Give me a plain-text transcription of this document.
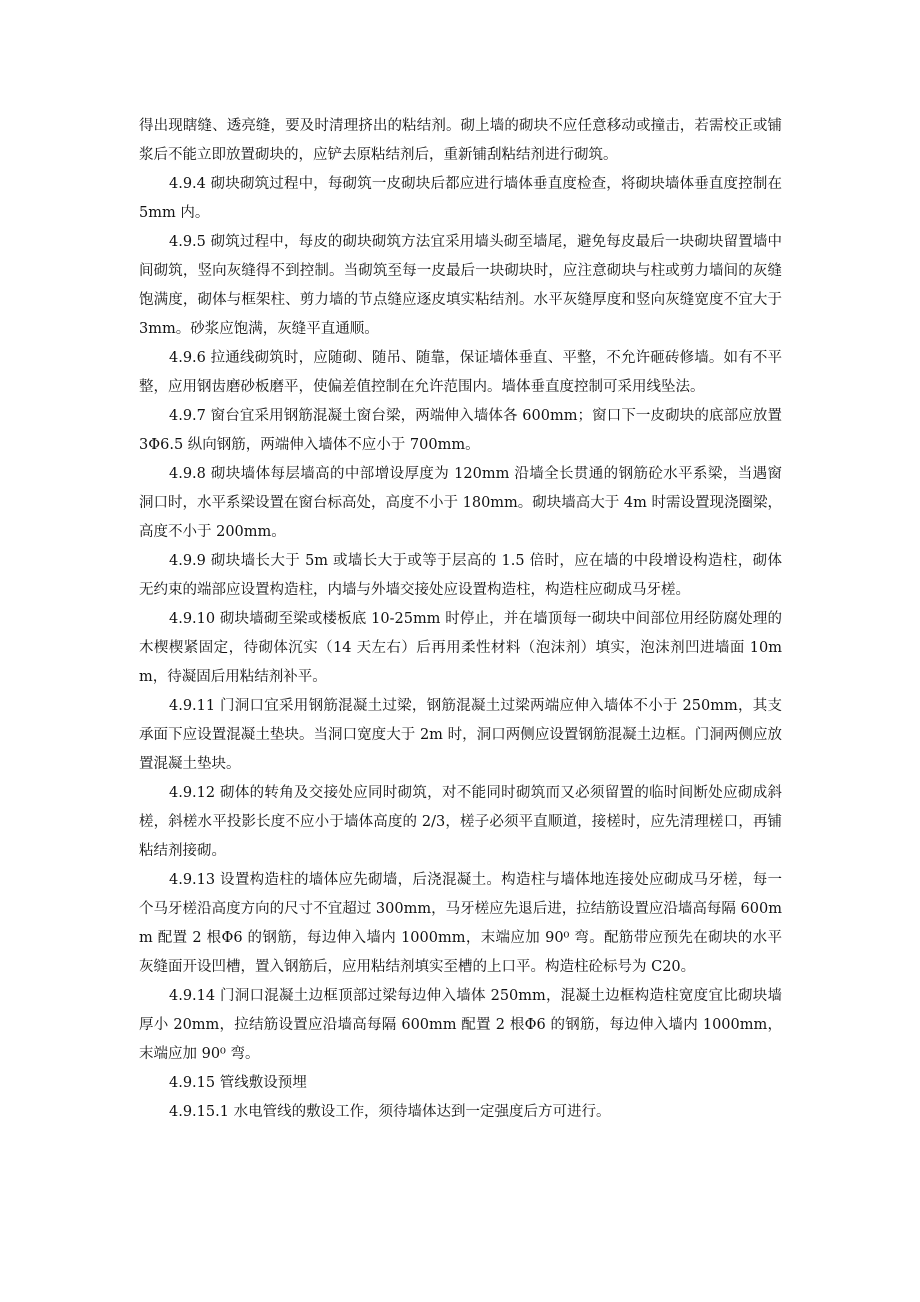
得出现瞎缝、透亮缝，要及时清理挤出的粘结剂。砌上墙的砌块不应任意移动或撞击，若需校正或铺浆后不能立即放置砌块的，应铲去原粘结剂后，重新铺刮粘结剂进行砌筑。

4.9.4 砌块砌筑过程中，每砌筑一皮砌块后都应进行墙体垂直度检查，将砌块墙体垂直度控制在 5mm 内。

4.9.5 砌筑过程中，每皮的砌块砌筑方法宜采用墙头砌至墙尾，避免每皮最后一块砌块留置墙中间砌筑，竖向灰缝得不到控制。当砌筑至每一皮最后一块砌块时，应注意砌块与柱或剪力墙间的灰缝饱满度，砌体与框架柱、剪力墙的节点缝应逐皮填实粘结剂。水平灰缝厚度和竖向灰缝宽度不宜大于 3mm。砂浆应饱满，灰缝平直通顺。

4.9.6 拉通线砌筑时，应随砌、随吊、随靠，保证墙体垂直、平整，不允许砸砖修墙。如有不平整，应用钢齿磨砂板磨平，使偏差值控制在允许范围内。墙体垂直度控制可采用线坠法。

4.9.7 窗台宜采用钢筋混凝土窗台梁，两端伸入墙体各 600mm；窗口下一皮砌块的底部应放置 3Φ6.5 纵向钢筋，两端伸入墙体不应小于 700mm。

4.9.8 砌块墙体每层墙高的中部增设厚度为 120mm 沿墙全长贯通的钢筋砼水平系梁，当遇窗洞口时，水平系梁设置在窗台标高处，高度不小于 180mm。砌块墙高大于 4m 时需设置现浇圈梁，高度不小于 200mm。

4.9.9 砌块墙长大于 5m 或墙长大于或等于层高的 1.5 倍时，应在墙的中段增设构造柱，砌体无约束的端部应设置构造柱，内墙与外墙交接处应设置构造柱，构造柱应砌成马牙槎。

4.9.10 砌块墙砌至梁或楼板底 10-25mm 时停止，并在墙顶每一砌块中间部位用经防腐处理的木楔楔紧固定，待砌体沉实（14 天左右）后再用柔性材料（泡沫剂）填实，泡沫剂凹进墙面 10mm，待凝固后用粘结剂补平。

4.9.11 门洞口宜采用钢筋混凝土过梁，钢筋混凝土过梁两端应伸入墙体不小于 250mm，其支承面下应设置混凝土垫块。当洞口宽度大于 2m 时，洞口两侧应设置钢筋混凝土边框。门洞两侧应放置混凝土垫块。

4.9.12 砌体的转角及交接处应同时砌筑，对不能同时砌筑而又必须留置的临时间断处应砌成斜槎，斜槎水平投影长度不应小于墙体高度的 2/3，槎子必须平直顺道，接槎时，应先清理槎口，再铺粘结剂接砌。

4.9.13 设置构造柱的墙体应先砌墙，后浇混凝土。构造柱与墙体地连接处应砌成马牙槎，每一个马牙槎沿高度方向的尺寸不宜超过 300mm，马牙槎应先退后进，拉结筋设置应沿墙高每隔 600mm 配置 2 根Φ6 的钢筋，每边伸入墙内 1000mm，末端应加 90⁰ 弯。配筋带应预先在砌块的水平灰缝面开设凹槽，置入钢筋后，应用粘结剂填实至槽的上口平。构造柱砼标号为 C20。

4.9.14 门洞口混凝土边框顶部过梁每边伸入墙体 250mm，混凝土边框构造柱宽度宜比砌块墙厚小 20mm，拉结筋设置应沿墙高每隔 600mm 配置 2 根Φ6 的钢筋，每边伸入墙内 1000mm，末端应加 90⁰ 弯。

4.9.15 管线敷设预埋

4.9.15.1 水电管线的敷设工作，须待墙体达到一定强度后方可进行。
